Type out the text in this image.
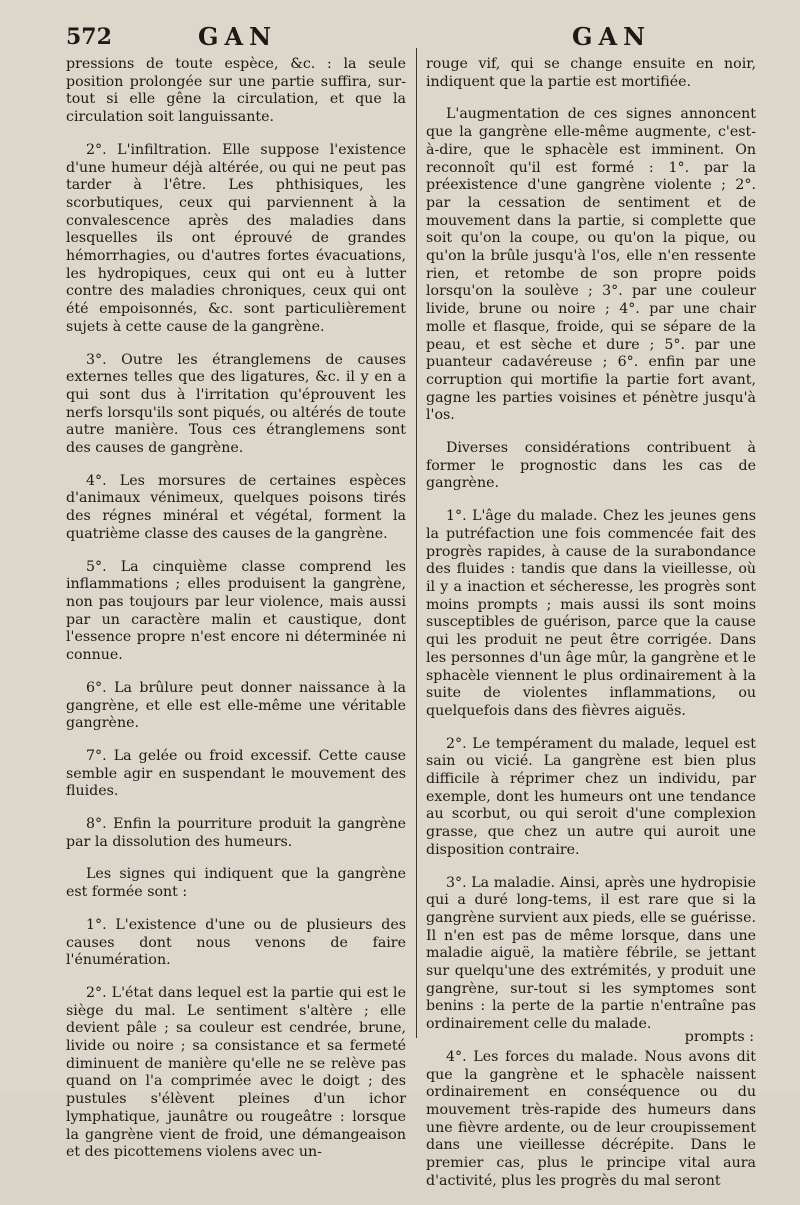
572	GAN	GAN

pressions de toute espèce, &c. : la seule position prolongée sur une partie suffira, sur-tout si elle gêne la circulation, et que la circulation soit languissante.

2°. L'infiltration. Elle suppose l'existence d'une humeur déjà altérée, ou qui ne peut pas tarder à l'être. Les phthisiques, les scorbutiques, ceux qui parviennent à la convalescence après des maladies dans lesquelles ils ont éprouvé de grandes hémorrhagies, ou d'autres fortes évacuations, les hydropiques, ceux qui ont eu à lutter contre des maladies chroniques, ceux qui ont été empoisonnés, &c. sont particulièrement sujets à cette cause de la gangrène.

3°. Outre les étranglemens de causes externes telles que des ligatures, &c. il y en a qui sont dus à l'irritation qu'éprouvent les nerfs lorsqu'ils sont piqués, ou altérés de toute autre manière. Tous ces étranglemens sont des causes de gangrène.

4°. Les morsures de certaines espèces d'animaux vénimeux, quelques poisons tirés des régnes minéral et végétal, forment la quatrième classe des causes de la gangrène.

5°. La cinquième classe comprend les inflammations ; elles produisent la gangrène, non pas toujours par leur violence, mais aussi par un caractère malin et caustique, dont l'essence propre n'est encore ni déterminée ni connue.

6°. La brûlure peut donner naissance à la gangrène, et elle est elle-même une véritable gangrène.

7°. La gelée ou froid excessif. Cette cause semble agir en suspendant le mouvement des fluides.

8°. Enfin la pourriture produit la gangrène par la dissolution des humeurs.

Les signes qui indiquent que la gangrène est formée sont :

1°. L'existence d'une ou de plusieurs des causes dont nous venons de faire l'énumération.

2°. L'état dans lequel est la partie qui est le siège du mal. Le sentiment s'altère ; elle devient pâle ; sa couleur est cendrée, brune, livide ou noire ; sa consistance et sa fermeté diminuent de manière qu'elle ne se relève pas quand on l'a comprimée avec le doigt ; des pustules s'élèvent pleines d'un ichor lymphatique, jaunâtre ou rougeâtre : lorsque la gangrène vient de froid, une démangeaison et des picottemens violens avec un-

rouge vif, qui se change ensuite en noir, indiquent que la partie est mortifiée.

L'augmentation de ces signes annoncent que la gangrène elle-même augmente, c'est-à-dire, que le sphacèle est imminent. On reconnoît qu'il est formé : 1°. par la préexistence d'une gangrène violente ; 2°. par la cessation de sentiment et de mouvement dans la partie, si complette que soit qu'on la coupe, ou qu'on la pique, ou qu'on la brûle jusqu'à l'os, elle n'en ressente rien, et retombe de son propre poids lorsqu'on la soulève ; 3°. par une couleur livide, brune ou noire ; 4°. par une chair molle et flasque, froide, qui se sépare de la peau, et est sèche et dure ; 5°. par une puanteur cadavéreuse ; 6°. enfin par une corruption qui mortifie la partie fort avant, gagne les parties voisines et pénètre jusqu'à l'os.

Diverses considérations contribuent à former le prognostic dans les cas de gangrène.

1°. L'âge du malade. Chez les jeunes gens la putréfaction une fois commencée fait des progrès rapides, à cause de la surabondance des fluides : tandis que dans la vieillesse, où il y a inaction et sécheresse, les progrès sont moins prompts ; mais aussi ils sont moins susceptibles de guérison, parce que la cause qui les produit ne peut être corrigée. Dans les personnes d'un âge mûr, la gangrène et le sphacèle viennent le plus ordinairement à la suite de violentes inflammations, ou quelquefois dans des fièvres aiguës.

2°. Le tempérament du malade, lequel est sain ou vicié. La gangrène est bien plus difficile à réprimer chez un individu, par exemple, dont les humeurs ont une tendance au scorbut, ou qui seroit d'une complexion grasse, que chez un autre qui auroit une disposition contraire.

3°. La maladie. Ainsi, après une hydropisie qui a duré long-tems, il est rare que si la gangrène survient aux pieds, elle se guérisse. Il n'en est pas de même lorsque, dans une maladie aiguë, la matière fébrile, se jettant sur quelqu'une des extrémités, y produit une gangrène, sur-tout si les symptomes sont benins : la perte de la partie n'entraîne pas ordinairement celle du malade.

4°. Les forces du malade. Nous avons dit que la gangrène et le sphacèle naissent ordinairement en conséquence ou du mouvement très-rapide des humeurs dans une fièvre ardente, ou de leur croupissement dans une vieillesse décrépite. Dans le premier cas, plus le principe vital aura d'activité, plus les progrès du mal seront

prompts :
